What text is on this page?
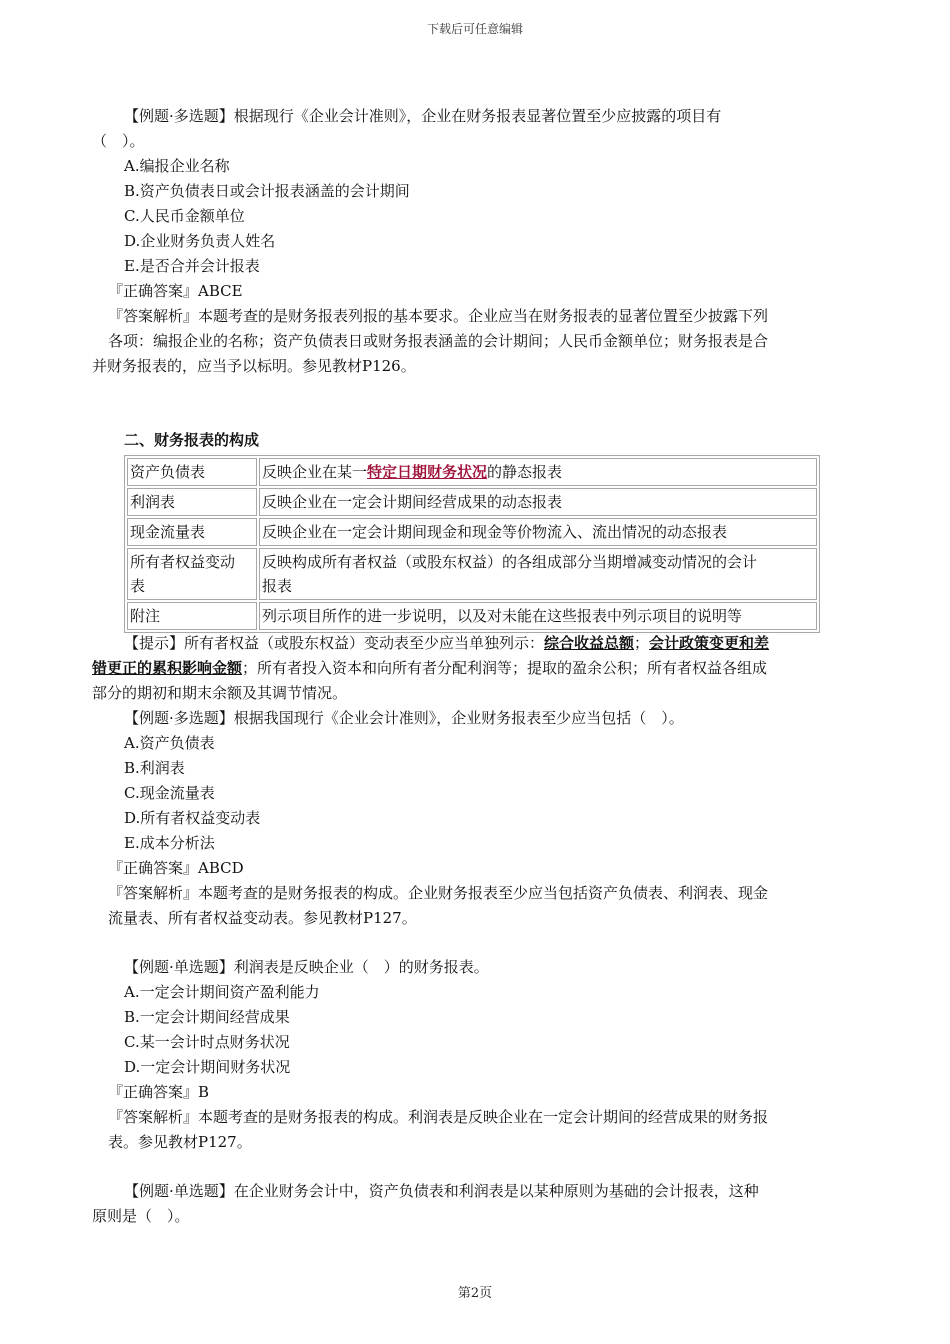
下载后可任意编辑
【例题·多选题】根据现行《企业会计准则》，企业在财务报表显著位置至少应披露的项目有
（　）。
A.编报企业名称
B.资产负债表日或会计报表涵盖的会计期间
C.人民币金额单位
D.企业财务负责人姓名
E.是否合并会计报表
『正确答案』ABCE
『答案解析』本题考查的是财务报表列报的基本要求。企业应当在财务报表的显著位置至少披露下列
各项：编报企业的名称；资产负债表日或财务报表涵盖的会计期间；人民币金额单位；财务报表是合
并财务报表的，应当予以标明。参见教材P126。
二、财务报表的构成
资产负债表	反映企业在某一特定日期财务状况的静态报表
利润表	反映企业在一定会计期间经营成果的动态报表
现金流量表	反映企业在一定会计期间现金和现金等价物流入、流出情况的动态报表
所有者权益变动
表	反映构成所有者权益（或股东权益）的各组成部分当期增减变动情况的会计
报表
附注	列示项目所作的进一步说明，以及对未能在这些报表中列示项目的说明等
【提示】所有者权益（或股东权益）变动表至少应当单独列示：综合收益总额；会计政策变更和差
错更正的累积影响金额；所有者投入资本和向所有者分配利润等；提取的盈余公积；所有者权益各组成
部分的期初和期末余额及其调节情况。
【例题·多选题】根据我国现行《企业会计准则》，企业财务报表至少应当包括（　）。
A.资产负债表
B.利润表
C.现金流量表
D.所有者权益变动表
E.成本分析法
『正确答案』ABCD
『答案解析』本题考查的是财务报表的构成。企业财务报表至少应当包括资产负债表、利润表、现金
流量表、所有者权益变动表。参见教材P127。
【例题·单选题】利润表是反映企业（　）的财务报表。
A.一定会计期间资产盈利能力
B.一定会计期间经营成果
C.某一会计时点财务状况
D.一定会计期间财务状况
『正确答案』B
『答案解析』本题考查的是财务报表的构成。利润表是反映企业在一定会计期间的经营成果的财务报
表。参见教材P127。
【例题·单选题】在企业财务会计中，资产负债表和利润表是以某种原则为基础的会计报表，这种
原则是（　）。
第2页
